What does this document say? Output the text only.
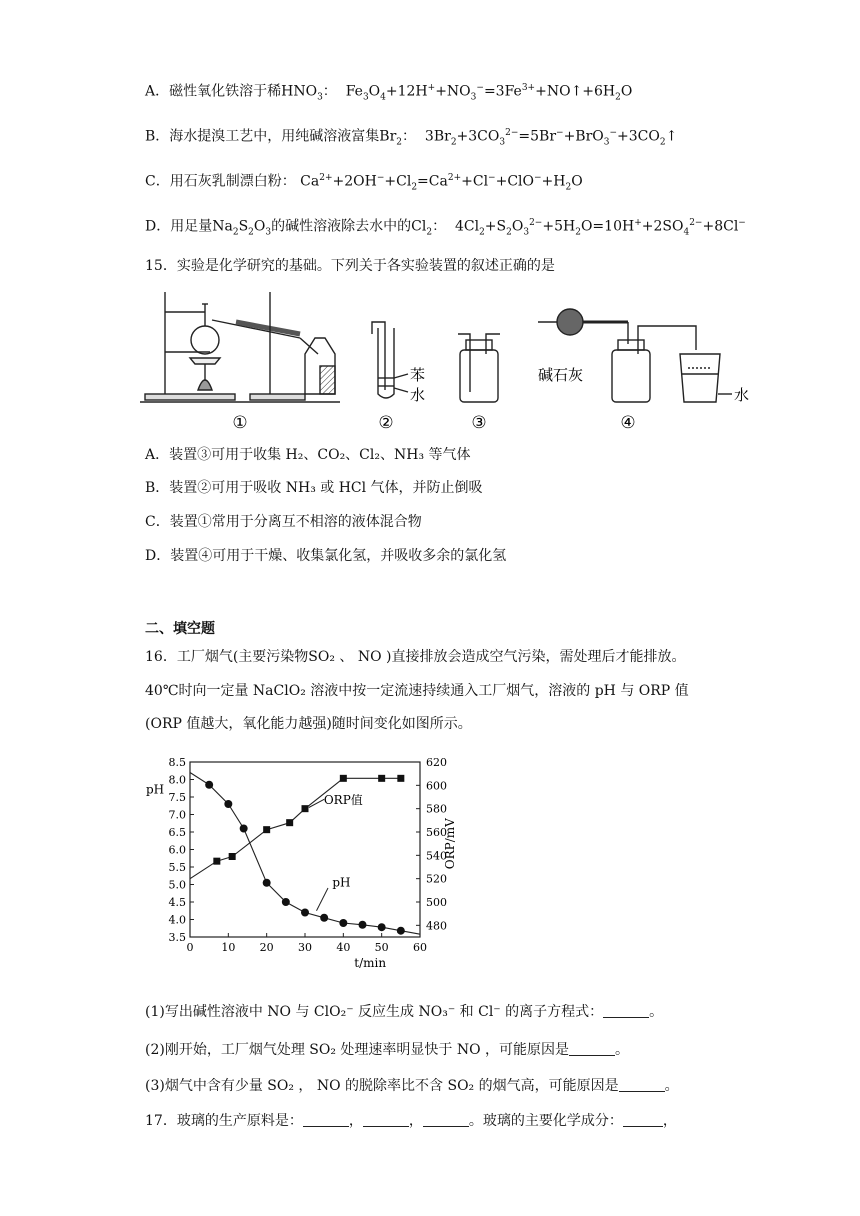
A．磁性氧化铁溶于稀$HNO_3$：  $Fe_3O_4+12H^++NO_3^-=3Fe^{3+}+NO↑+6H_2O$
B．海水提溴工艺中，用纯碱溶液富集$Br_2$：  $3Br_2+3CO_3^{2-}=5Br^-+BrO_3^-+3CO_2↑$
C．用石灰乳制漂白粉： $Ca^{2+}+2OH^-+Cl_2=Ca^{2+}+Cl^-+ClO^-+H_2O$
D．用足量$Na_2S_2O_3$的碱性溶液除去水中的$Cl_2$：  $4Cl_2+S_2O_3^{2-}+5H_2O=10H^++2SO_4^{2-}+8Cl^-$
15．实验是化学研究的基础。下列关于各实验装置的叙述正确的是
苯
水
碱石灰
水
①	②	③	④
A．装置③可用于收集 H₂、CO₂、Cl₂、NH₃ 等气体
B．装置②可用于吸收 NH₃ 或 HCl 气体，并防止倒吸
C．装置①常用于分离互不相溶的液体混合物
D．装置④可用于干燥、收集氯化氢，并吸收多余的氯化氢
二、填空题
16．工厂烟气(主要污染物SO₂ 、 NO )直接排放会造成空气污染，需处理后才能排放。
40℃时向一定量 NaClO₂ 溶液中按一定流速持续通入工厂烟气，溶液的 pH 与 ORP 值
(ORP 值越大，氧化能力越强)随时间变化如图所示。
3.5
4.0
4.5
5.0
5.5
6.0
6.5
7.0
7.5
8.0
8.5
480
500
520
540
560
580
600
620
0	10 20 30 40 50 60
t/min
pH
ORP/mV
ORP值
pH
(1)写出碱性溶液中 NO 与 ClO₂⁻ 反应生成 NO₃⁻ 和 Cl⁻ 的离子方程式：	。
(2)刚开始，工厂烟气处理 SO₂ 处理速率明显快于 NO ，可能原因是	。
(3)烟气中含有少量 SO₂ ， NO 的脱除率比不含 SO₂ 的烟气高，可能原因是	。
17．玻璃的生产原料是：	，	，	。玻璃的主要化学成分：	，
